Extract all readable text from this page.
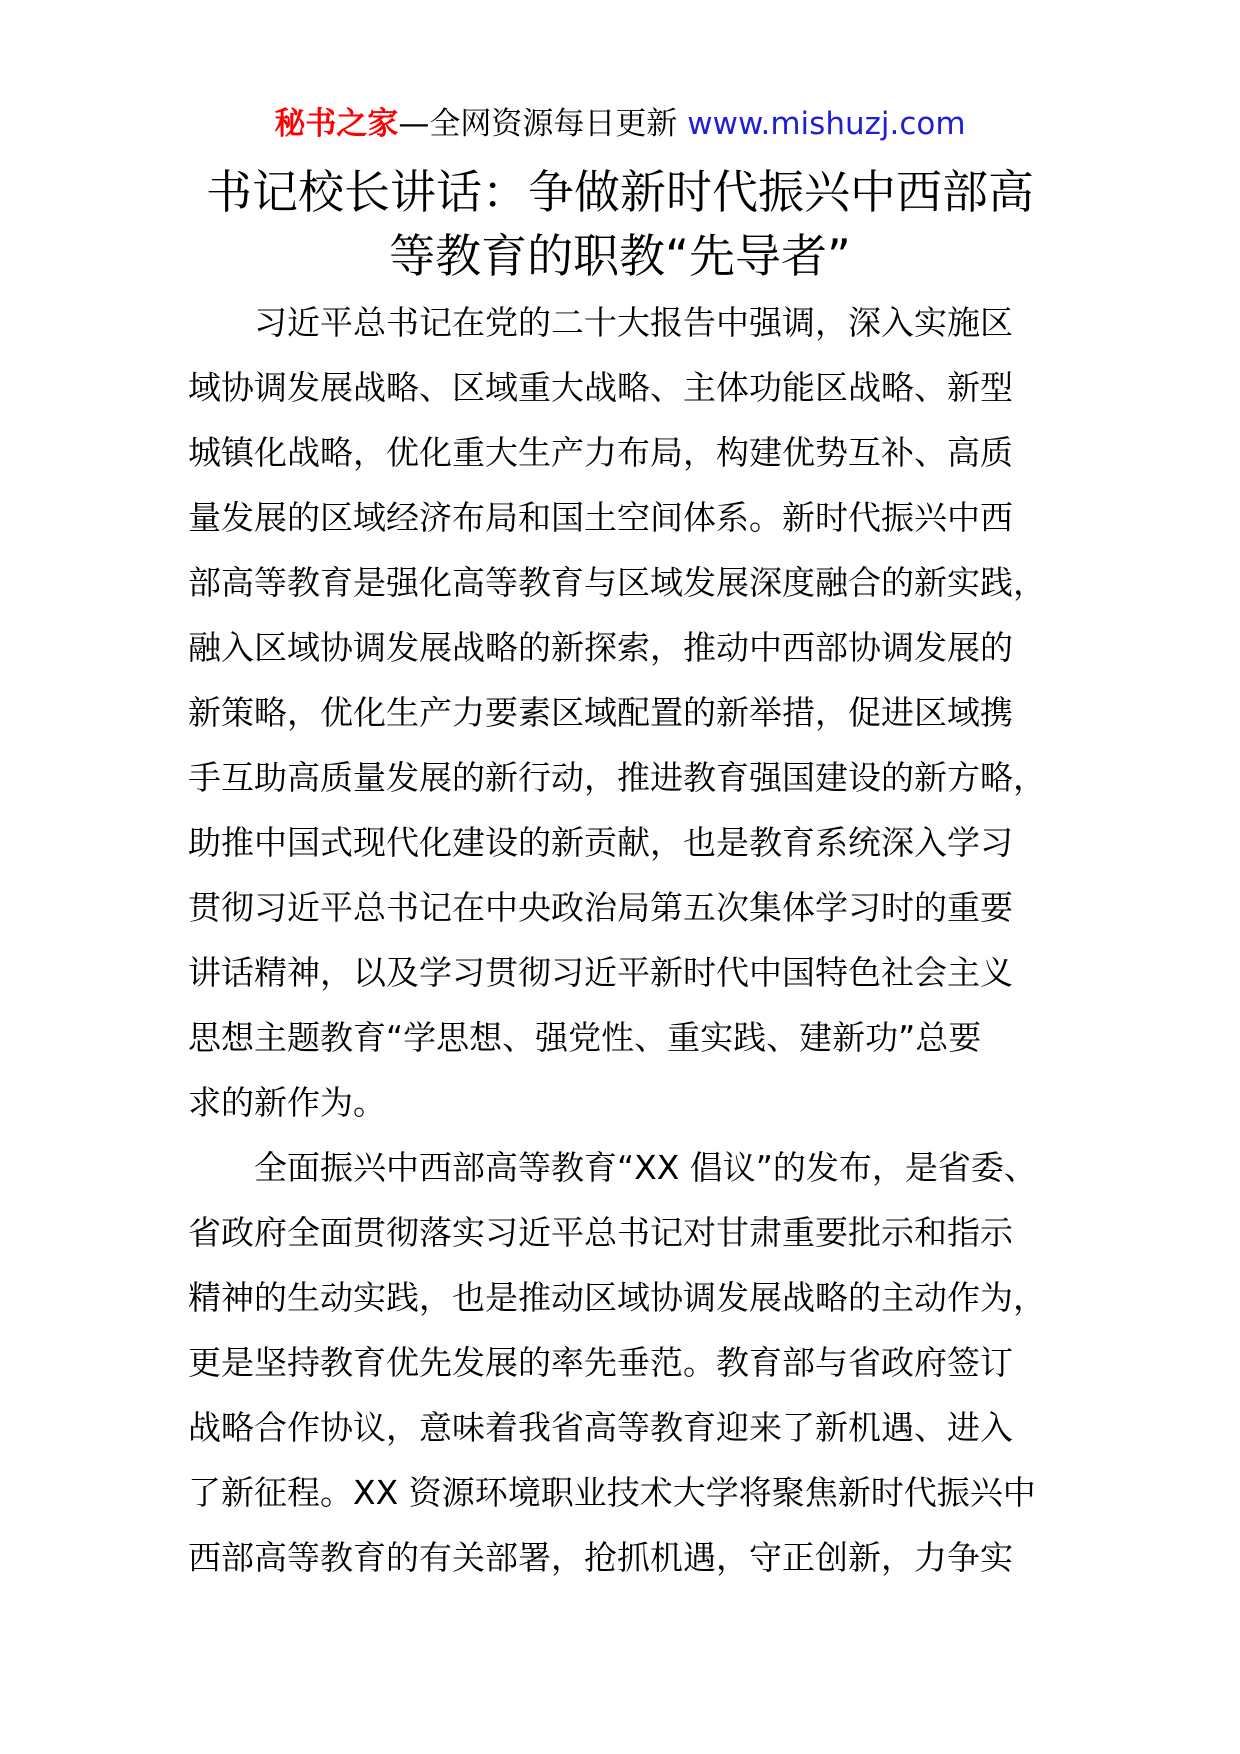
秘书之家—全网资源每日更新 www.mishuzj.com
书记校长讲话：争做新时代振兴中西部高
等教育的职教“先导者”
习近平总书记在党的二十大报告中强调，深入实施区
域协调发展战略、区域重大战略、主体功能区战略、新型
城镇化战略，优化重大生产力布局，构建优势互补、高质
量发展的区域经济布局和国土空间体系。新时代振兴中西
部高等教育是强化高等教育与区域发展深度融合的新实践，
融入区域协调发展战略的新探索，推动中西部协调发展的
新策略，优化生产力要素区域配置的新举措，促进区域携
手互助高质量发展的新行动，推进教育强国建设的新方略，
助推中国式现代化建设的新贡献，也是教育系统深入学习
贯彻习近平总书记在中央政治局第五次集体学习时的重要
讲话精神，以及学习贯彻习近平新时代中国特色社会主义
思想主题教育“学思想、强党性、重实践、建新功”总要
求的新作为。
全面振兴中西部高等教育“XX 倡议”的发布，是省委、
省政府全面贯彻落实习近平总书记对甘肃重要批示和指示
精神的生动实践，也是推动区域协调发展战略的主动作为，
更是坚持教育优先发展的率先垂范。教育部与省政府签订
战略合作协议，意味着我省高等教育迎来了新机遇、进入
了新征程。XX 资源环境职业技术大学将聚焦新时代振兴中
西部高等教育的有关部署，抢抓机遇，守正创新，力争实
